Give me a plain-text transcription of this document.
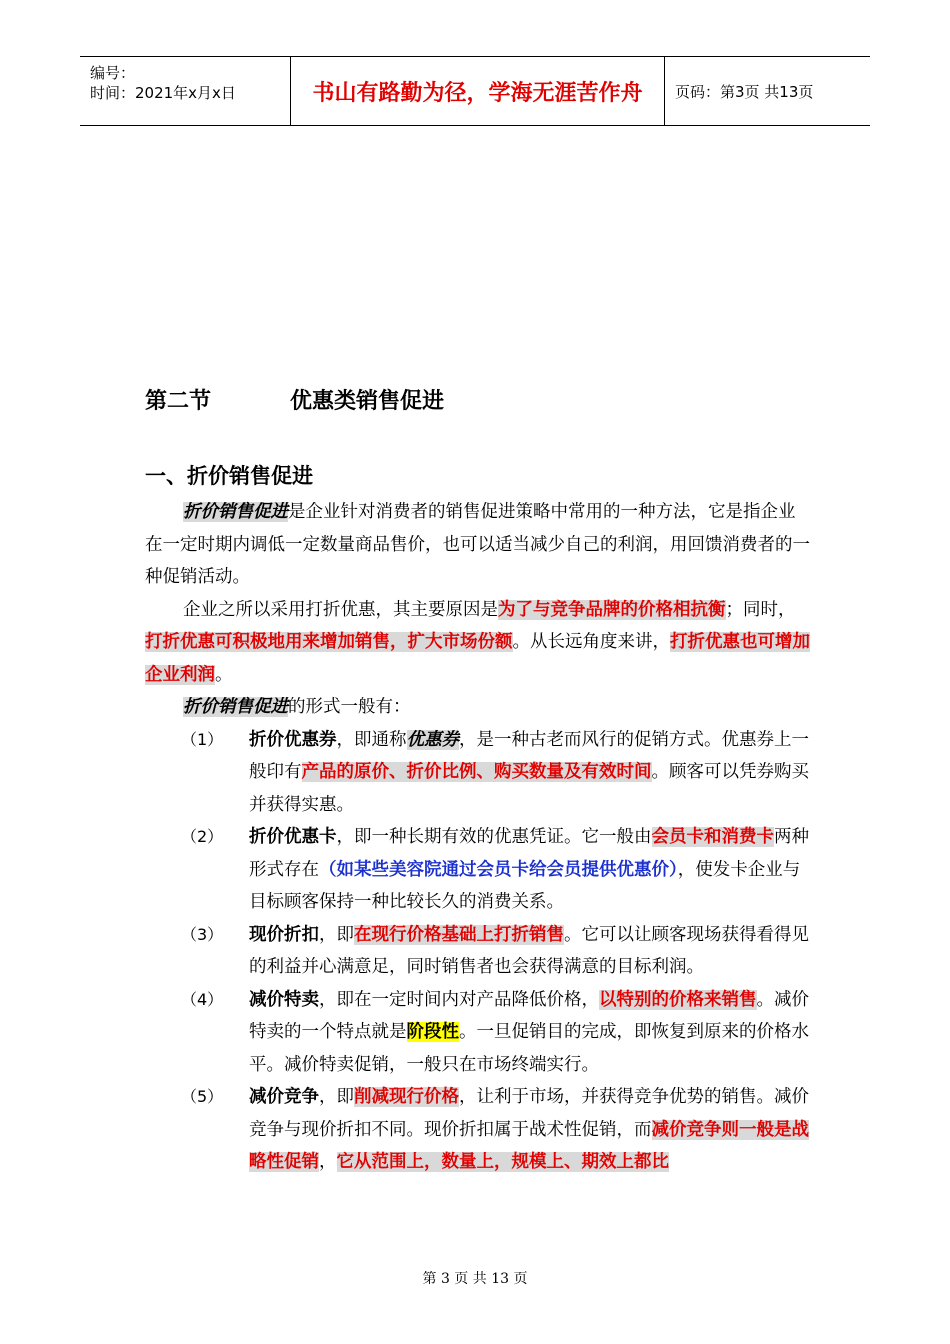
编号：
时间：2021年x月x日	书山有路勤为径，学海无涯苦作舟	页码：第3页 共13页
第二节	优惠类销售促进
一、折价销售促进

折价销售促进是企业针对消费者的销售促进策略中常用的一种方法，它是指企业在一定时期内调低一定数量商品售价，也可以适当减少自己的利润，用回馈消费者的一种促销活动。

企业之所以采用打折优惠，其主要原因是为了与竞争品牌的价格相抗衡；同时，打折优惠可积极地用来增加销售，扩大市场份额。从长远角度来讲，打折优惠也可增加企业利润。

折价销售促进的形式一般有：

（1）	折价优惠券，即通称优惠券，是一种古老而风行的促销方式。优惠券上一般印有产品的原价、折价比例、购买数量及有效时间。顾客可以凭券购买并获得实惠。
（2）	折价优惠卡，即一种长期有效的优惠凭证。它一般由会员卡和消费卡两种形式存在（如某些美容院通过会员卡给会员提供优惠价），使发卡企业与目标顾客保持一种比较长久的消费关系。
（3）	现价折扣，即在现行价格基础上打折销售。它可以让顾客现场获得看得见的利益并心满意足，同时销售者也会获得满意的目标利润。
（4）	减价特卖，即在一定时间内对产品降低价格，以特别的价格来销售。减价特卖的一个特点就是阶段性。一旦促销目的完成，即恢复到原来的价格水平。减价特卖促销，一般只在市场终端实行。
（5）	减价竞争，即削减现行价格，让利于市场，并获得竞争优势的销售。减价竞争与现价折扣不同。现价折扣属于战术性促销，而减价竞争则一般是战略性促销，它从范围上，数量上，规模上、期效上都比
第 3 页 共 13 页
